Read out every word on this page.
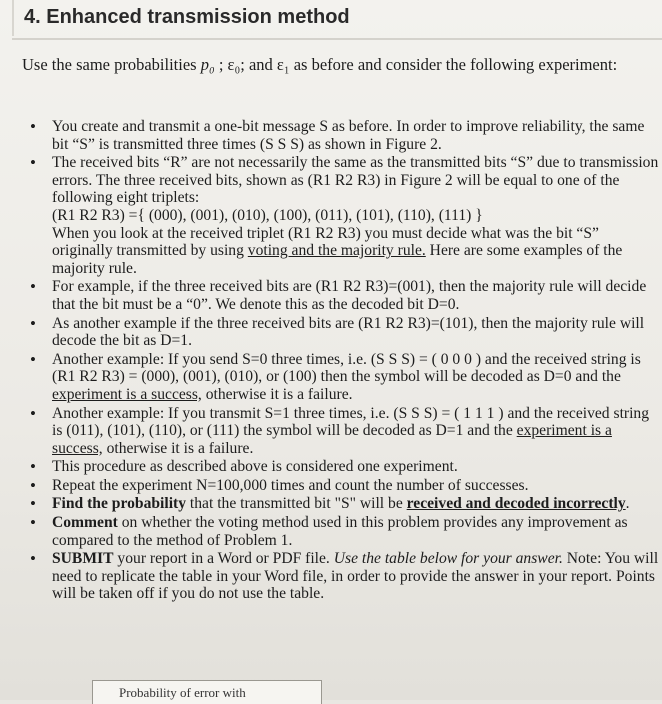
4. Enhanced transmission method
Use the same probabilities p₀ ; ε₀; and ε₁ as before and consider the following experiment:
• You create and transmit a one-bit message S as before. In order to improve reliability, the same bit “S” is transmitted three times (S S S) as shown in Figure 2.
• The received bits “R” are not necessarily the same as the transmitted bits “S” due to transmission errors. The three received bits, shown as (R1 R2 R3) in Figure 2 will be equal to one of the following eight triplets:
(R1 R2 R3) ={ (000), (001), (010), (100), (011), (101), (110), (111) }
When you look at the received triplet (R1 R2 R3) you must decide what was the bit “S” originally transmitted by using voting and the majority rule. Here are some examples of the majority rule.
• For example, if the three received bits are (R1 R2 R3)=(001), then the majority rule will decide that the bit must be a “0”. We denote this as the decoded bit D=0.
• As another example if the three received bits are (R1 R2 R3)=(101), then the majority rule will decode the bit as D=1.
• Another example: If you send S=0 three times, i.e. (S S S) = ( 0 0 0 ) and the received string is (R1 R2 R3) = (000), (001), (010), or (100) then the symbol will be decoded as D=0 and the experiment is a success, otherwise it is a failure.
• Another example: If you transmit S=1 three times, i.e. (S S S) = ( 1 1 1 ) and the received string is (011), (101), (110), or (111) the symbol will be decoded as D=1 and the experiment is a success, otherwise it is a failure.
• This procedure as described above is considered one experiment.
• Repeat the experiment N=100,000 times and count the number of successes.
• Find the probability that the transmitted bit "S" will be received and decoded incorrectly.
• Comment on whether the voting method used in this problem provides any improvement as compared to the method of Problem 1.
• SUBMIT your report in a Word or PDF file. Use the table below for your answer. Note: You will need to replicate the table in your Word file, in order to provide the answer in your report. Points will be taken off if you do not use the table.
Probability of error with
